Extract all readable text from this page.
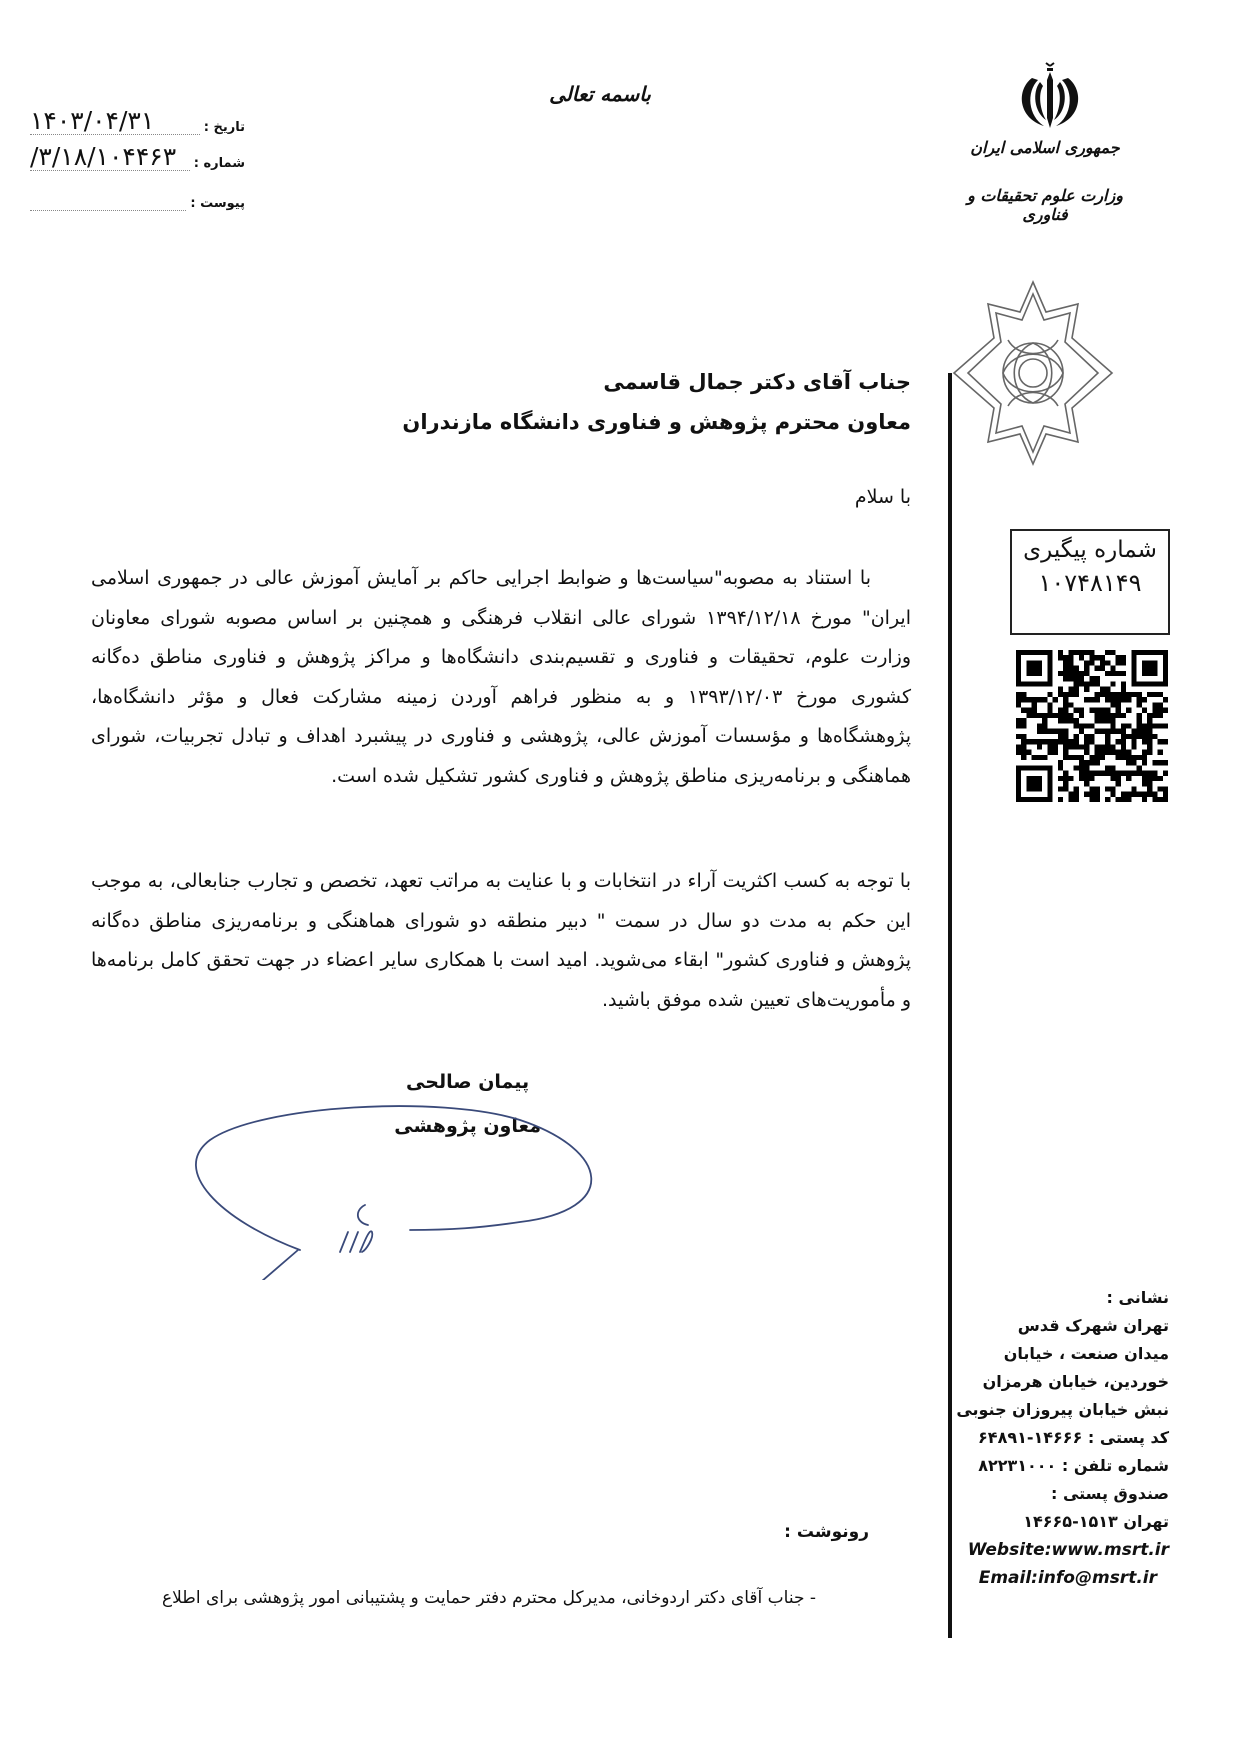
باسمه تعالی
تاریخ :
۱۴۰۳/۰۴/۳۱
شماره :
/۳/۱۸/۱۰۴۴۶۳
پیوست :
جمهوری اسلامی ایران
وزارت علوم تحقیقات و فناوری
جناب آقای دکتر جمال قاسمی
معاون محترم پژوهش و فناوری دانشگاه مازندران
با سلام
با استناد به مصوبه"سیاست‌ها و ضوابط اجرایی حاکم بر آمایش آموزش عالی در جمهوری اسلامی ایران" مورخ ۱۳۹۴/۱۲/۱۸ شورای عالی انقلاب فرهنگی و همچنین بر اساس مصوبه شورای معاونان وزارت علوم، تحقیقات و فناوری و تقسیم‌بندی دانشگاه‌ها و مراکز پژوهش و فناوری مناطق ده‌گانه کشوری مورخ ۱۳۹۳/۱۲/۰۳ و به منظور فراهم آوردن زمینه مشارکت فعال و مؤثر دانشگاه‌ها، پژوهشگاه‌ها و مؤسسات آموزش عالی، پژوهشی و فناوری در پیشبرد اهداف و تبادل تجربیات، شورای هماهنگی و برنامه‌ریزی مناطق پژوهش و فناوری کشور تشکیل شده است.
با توجه به کسب اکثریت آراء در انتخابات و با عنایت به مراتب تعهد، تخصص و تجارب جنابعالی، به موجب این حکم به مدت دو سال در سمت " دبیر منطقه دو شورای هماهنگی و برنامه‌ریزی مناطق ده‌گانه پژوهش و فناوری کشور" ابقاء می‌شوید. امید است با همکاری سایر اعضاء در جهت تحقق کامل برنامه‌ها و مأموریت‌های تعیین شده موفق باشید.
پیمان صالحی
معاون پژوهشی
شماره پیگیری
۱۰۷۴۸۱۴۹
نشانی :
تهران شهرک قدس
میدان صنعت ، خیابان
خوردین، خیابان هرمزان
نبش خیابان پیروزان جنوبی
کد پستی : ۱۴۶۶۶-۶۴۸۹۱
شماره تلفن : ۸۲۲۳۱۰۰۰
صندوق پستی :
تهران ۱۵۱۳-۱۴۶۶۵
Website:www.msrt.ir
Email:info@msrt.ir
رونوشت :
- جناب آقای دکتر اردوخانی، مدیرکل محترم دفتر حمایت و پشتیبانی امور پژوهشی برای اطلاع
